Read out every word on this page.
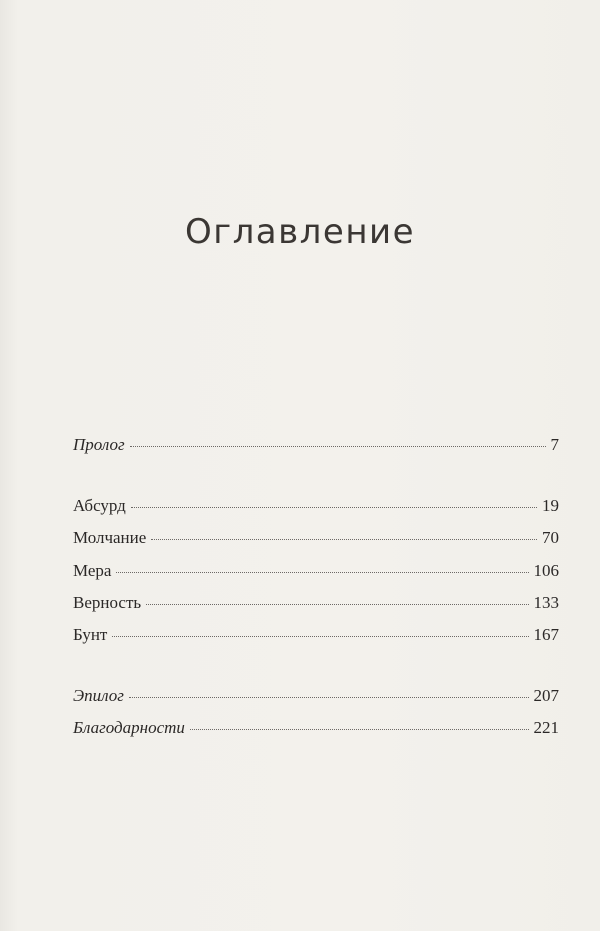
Оглавление
Пролог	7
Абсурд	19
Молчание	70
Мера	106
Верность	133
Бунт	167
Эпилог	207
Благодарности	221
